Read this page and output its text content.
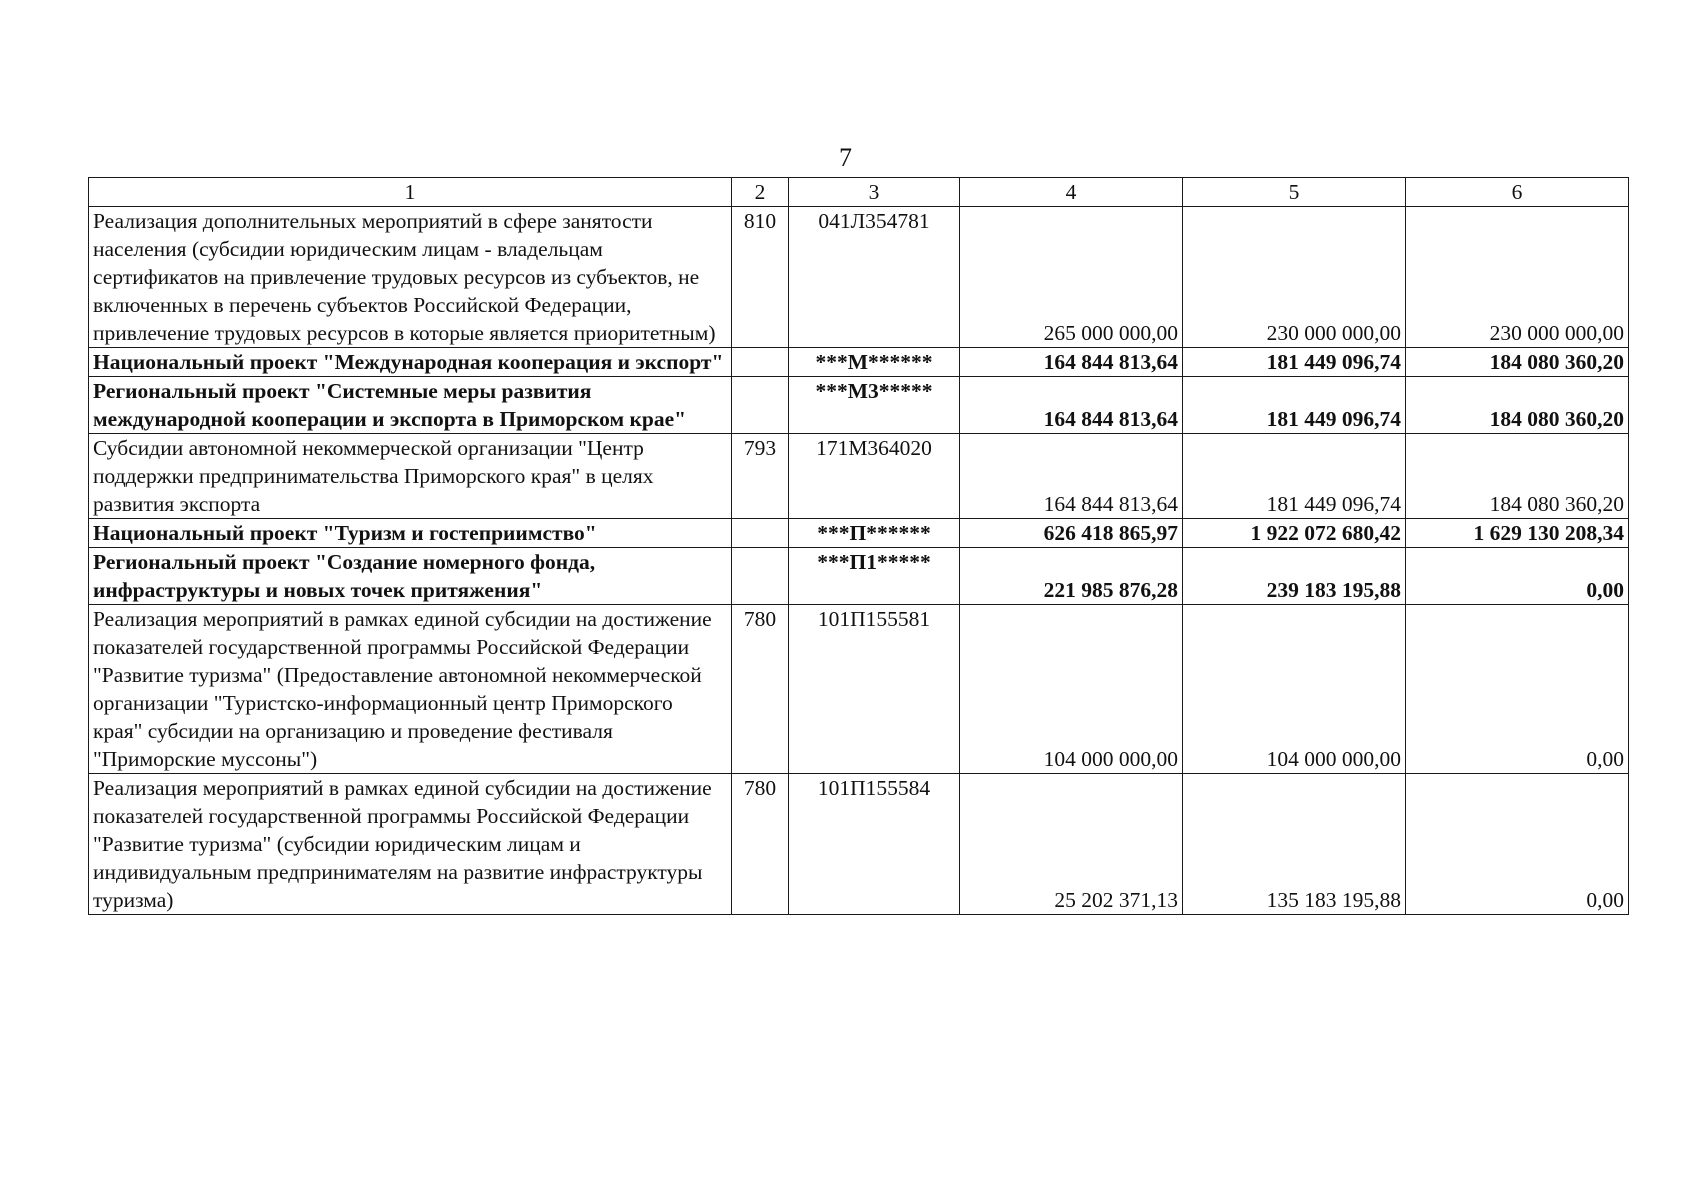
7
1	2	3	4	5	6
Реализация дополнительных мероприятий в сфере занятости населения (субсидии юридическим лицам - владельцам сертификатов на привлечение трудовых ресурсов из субъектов, не включенных в перечень субъектов Российской Федерации, привлечение трудовых ресурсов в которые является приоритетным)	810	041Л354781	265 000 000,00	230 000 000,00	230 000 000,00
Национальный проект "Международная кооперация и экспорт"		***М******	164 844 813,64	181 449 096,74	184 080 360,20
Региональный проект "Системные меры развития международной кооперации и экспорта в Приморском крае"		***М3*****	164 844 813,64	181 449 096,74	184 080 360,20
Субсидии автономной некоммерческой организации "Центр поддержки предпринимательства Приморского края" в целях развития экспорта	793	171М364020	164 844 813,64	181 449 096,74	184 080 360,20
Национальный проект "Туризм и гостеприимство"		***П******	626 418 865,97	1 922 072 680,42	1 629 130 208,34
Региональный проект "Создание номерного фонда, инфраструктуры и новых точек притяжения"		***П1*****	221 985 876,28	239 183 195,88	0,00
Реализация мероприятий в рамках единой субсидии на достижение показателей государственной программы Российской Федерации "Развитие туризма" (Предоставление автономной некоммерческой организации "Туристско-информационный центр Приморского края" субсидии на организацию и проведение фестиваля "Приморские муссоны")	780	101П155581	104 000 000,00	104 000 000,00	0,00
Реализация мероприятий в рамках единой субсидии на достижение показателей государственной программы Российской Федерации "Развитие туризма" (субсидии юридическим лицам и индивидуальным предпринимателям на развитие инфраструктуры туризма)	780	101П155584	25 202 371,13	135 183 195,88	0,00
